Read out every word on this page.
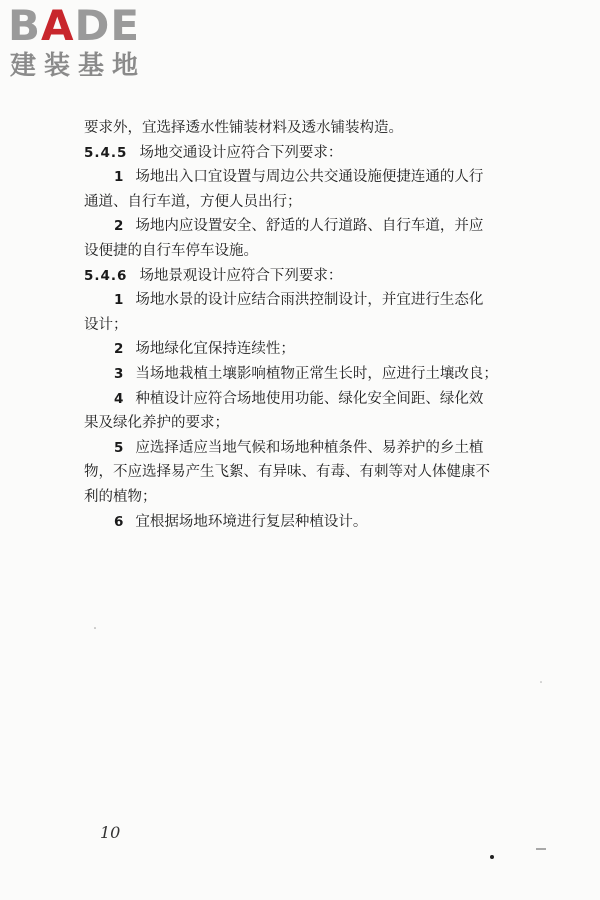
BADE
建装基地
要求外，宜选择透水性铺装材料及透水铺装构造。
5.4.5 场地交通设计应符合下列要求：
1 场地出入口宜设置与周边公共交通设施便捷连通的人行
通道、自行车道，方便人员出行；
2 场地内应设置安全、舒适的人行道路、自行车道，并应
设便捷的自行车停车设施。
5.4.6 场地景观设计应符合下列要求：
1 场地水景的设计应结合雨洪控制设计，并宜进行生态化
设计；
2 场地绿化宜保持连续性；
3 当场地栽植土壤影响植物正常生长时，应进行土壤改良；
4 种植设计应符合场地使用功能、绿化安全间距、绿化效
果及绿化养护的要求；
5 应选择适应当地气候和场地种植条件、易养护的乡土植
物，不应选择易产生飞絮、有异味、有毒、有刺等对人体健康不
利的植物；
6 宜根据场地环境进行复层种植设计。
10
